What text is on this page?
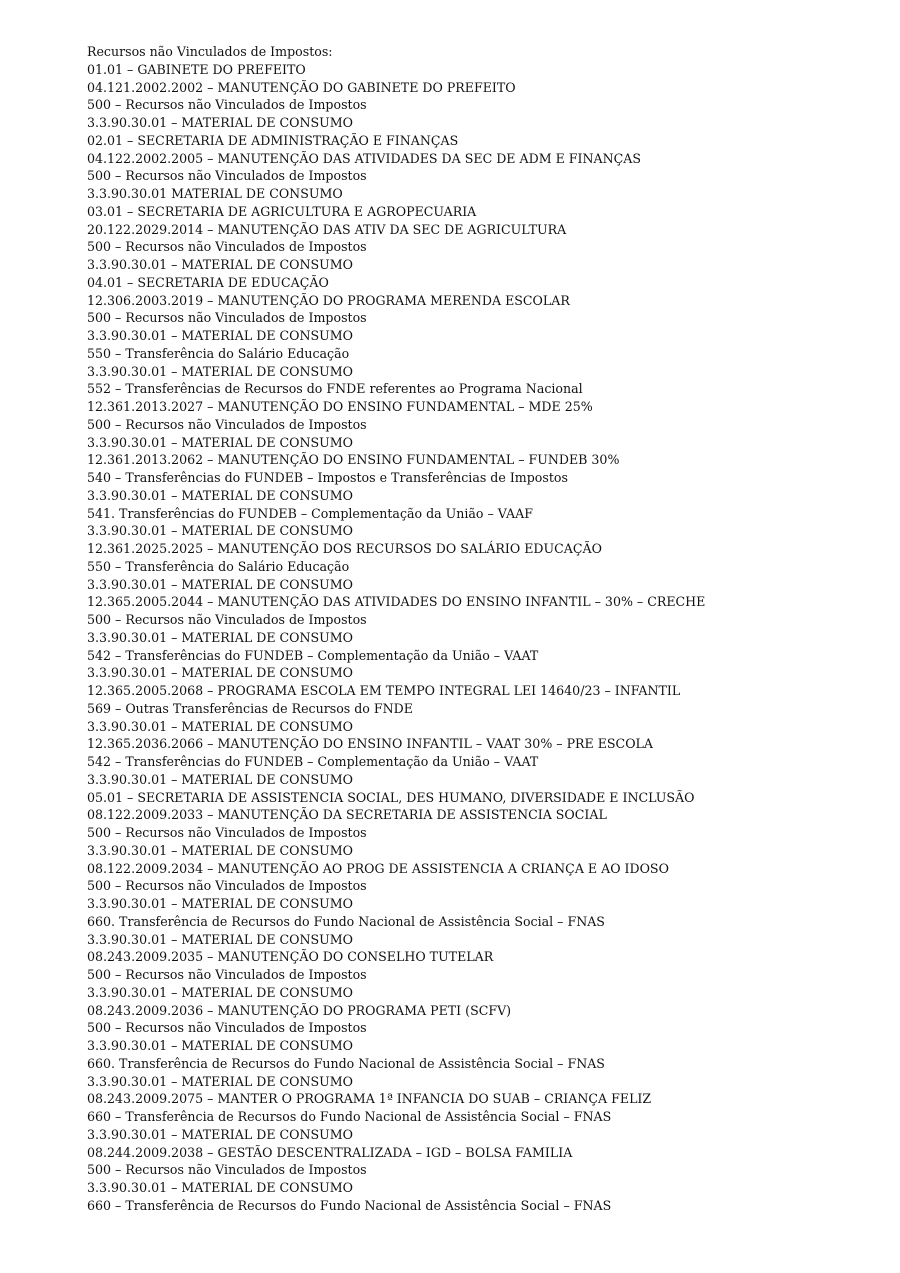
Recursos não Vinculados de Impostos:
01.01 – GABINETE DO PREFEITO
04.121.2002.2002 – MANUTENÇÃO DO GABINETE DO PREFEITO
500 – Recursos não Vinculados de Impostos
3.3.90.30.01 – MATERIAL DE CONSUMO
02.01 – SECRETARIA DE ADMINISTRAÇÃO E FINANÇAS
04.122.2002.2005 – MANUTENÇÃO DAS ATIVIDADES DA SEC DE ADM E FINANÇAS
500 – Recursos não Vinculados de Impostos
3.3.90.30.01 MATERIAL DE CONSUMO
03.01 – SECRETARIA DE AGRICULTURA E AGROPECUARIA
20.122.2029.2014 – MANUTENÇÃO DAS ATIV DA SEC DE AGRICULTURA
500 – Recursos não Vinculados de Impostos
3.3.90.30.01 – MATERIAL DE CONSUMO
04.01 – SECRETARIA DE EDUCAÇÃO
12.306.2003.2019 – MANUTENÇÃO DO PROGRAMA MERENDA ESCOLAR
500 – Recursos não Vinculados de Impostos
3.3.90.30.01 – MATERIAL DE CONSUMO
550 – Transferência do Salário Educação
3.3.90.30.01 – MATERIAL DE CONSUMO
552 – Transferências de Recursos do FNDE referentes ao Programa Nacional
12.361.2013.2027 – MANUTENÇÃO DO ENSINO FUNDAMENTAL – MDE 25%
500 – Recursos não Vinculados de Impostos
3.3.90.30.01 – MATERIAL DE CONSUMO
12.361.2013.2062 – MANUTENÇÃO DO ENSINO FUNDAMENTAL – FUNDEB 30%
540 – Transferências do FUNDEB – Impostos e Transferências de Impostos
3.3.90.30.01 – MATERIAL DE CONSUMO
541. Transferências do FUNDEB – Complementação da União – VAAF
3.3.90.30.01 – MATERIAL DE CONSUMO
12.361.2025.2025 – MANUTENÇÃO DOS RECURSOS DO SALÁRIO EDUCAÇÃO
550 – Transferência do Salário Educação
3.3.90.30.01 – MATERIAL DE CONSUMO
12.365.2005.2044 – MANUTENÇÃO DAS ATIVIDADES DO ENSINO INFANTIL – 30% – CRECHE
500 – Recursos não Vinculados de Impostos
3.3.90.30.01 – MATERIAL DE CONSUMO
542 – Transferências do FUNDEB – Complementação da União – VAAT
3.3.90.30.01 – MATERIAL DE CONSUMO
12.365.2005.2068 – PROGRAMA ESCOLA EM TEMPO INTEGRAL LEI 14640/23 – INFANTIL
569 – Outras Transferências de Recursos do FNDE
3.3.90.30.01 – MATERIAL DE CONSUMO
12.365.2036.2066 – MANUTENÇÃO DO ENSINO INFANTIL – VAAT 30% – PRE ESCOLA
542 – Transferências do FUNDEB – Complementação da União – VAAT
3.3.90.30.01 – MATERIAL DE CONSUMO
05.01 – SECRETARIA DE ASSISTENCIA SOCIAL, DES HUMANO, DIVERSIDADE E INCLUSÃO
08.122.2009.2033 – MANUTENÇÃO DA SECRETARIA DE ASSISTENCIA SOCIAL
500 – Recursos não Vinculados de Impostos
3.3.90.30.01 – MATERIAL DE CONSUMO
08.122.2009.2034 – MANUTENÇÃO AO PROG DE ASSISTENCIA A CRIANÇA E AO IDOSO
500 – Recursos não Vinculados de Impostos
3.3.90.30.01 – MATERIAL DE CONSUMO
660. Transferência de Recursos do Fundo Nacional de Assistência Social – FNAS
3.3.90.30.01 – MATERIAL DE CONSUMO
08.243.2009.2035 – MANUTENÇÃO DO CONSELHO TUTELAR
500 – Recursos não Vinculados de Impostos
3.3.90.30.01 – MATERIAL DE CONSUMO
08.243.2009.2036 – MANUTENÇÃO DO PROGRAMA PETI (SCFV)
500 – Recursos não Vinculados de Impostos
3.3.90.30.01 – MATERIAL DE CONSUMO
660. Transferência de Recursos do Fundo Nacional de Assistência Social – FNAS
3.3.90.30.01 – MATERIAL DE CONSUMO
08.243.2009.2075 – MANTER O PROGRAMA 1ª INFANCIA DO SUAB – CRIANÇA FELIZ
660 – Transferência de Recursos do Fundo Nacional de Assistência Social – FNAS
3.3.90.30.01 – MATERIAL DE CONSUMO
08.244.2009.2038 – GESTÃO DESCENTRALIZADA – IGD – BOLSA FAMILIA
500 – Recursos não Vinculados de Impostos
3.3.90.30.01 – MATERIAL DE CONSUMO
660 – Transferência de Recursos do Fundo Nacional de Assistência Social – FNAS
